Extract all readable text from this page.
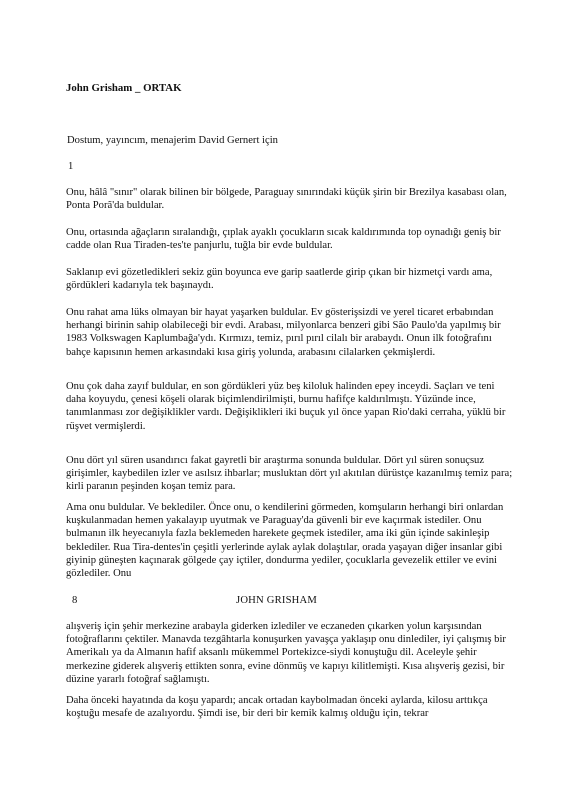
John Grisham _ ORTAK
Dostum, yayıncım, menajerim David Gernert için
1

Onu, hâlâ "sınır" olarak bilinen bir bölgede, Paraguay sınırındaki küçük şirin bir Brezilya kasabası olan, Ponta Porã'da buldular.

Onu, ortasında ağaçların sıralandığı, çıplak ayaklı çocukların sıcak kaldırımında top oynadığı geniş bir cadde olan Rua Tiraden-tes'te panjurlu, tuğla bir evde buldular.

Saklanıp evi gözetledikleri sekiz gün boyunca eve garip saatlerde girip çıkan bir hizmetçi vardı ama, gördükleri kadarıyla tek başınaydı.

Onu rahat ama lüks olmayan bir hayat yaşarken buldular. Ev gösterişsizdi ve yerel ticaret erbabından herhangi birinin sahip olabileceği bir evdi. Arabası, milyonlarca benzeri gibi São Paulo'da yapılmış bir 1983 Volkswagen Kaplumbağa'ydı. Kırmızı, temiz, pırıl pırıl cilalı bir arabaydı. Onun ilk fotoğrafını bahçe kapısının hemen arkasındaki kısa giriş yolunda, arabasını cilalarken çekmişlerdi.

Onu çok daha zayıf buldular, en son gördükleri yüz beş kiloluk halinden epey inceydi. Saçları ve teni daha koyuydu, çenesi köşeli olarak biçimlendirilmişti, burnu hafifçe kaldırılmıştı. Yüzünde ince, tanımlanması zor değişiklikler vardı. Değişiklikleri iki buçuk yıl önce yapan Rio'daki cerraha, yüklü bir rüşvet vermişlerdi.

Onu dört yıl süren usandırıcı fakat gayretli bir araştırma sonunda buldular. Dört yıl süren sonuçsuz girişimler, kaybedilen izler ve asılsız ihbarlar; musluktan dört yıl akıtılan dürüstçe kazanılmış temiz para; kirli paranın peşinden koşan temiz para.

Ama onu buldular. Ve beklediler. Önce onu, o kendilerini görmeden, komşuların herhangi biri onlardan kuşkulanmadan hemen yakalayıp uyutmak ve Paraguay'da güvenli bir eve kaçırmak istediler. Onu bulmanın ilk heyecanıyla fazla beklemeden harekete geçmek istediler, ama iki gün içinde sakinleşip beklediler. Rua Tira-dentes'in çeşitli yerlerinde aylak aylak dolaştılar, orada yaşayan diğer insanlar gibi giyinip güneşten kaçınarak gölgede çay içtiler, dondurma yediler, çocuklarla gevezelik ettiler ve evini gözlediler. Onu

8	JOHN GRISHAM

alışveriş için şehir merkezine arabayla giderken izlediler ve eczaneden çıkarken yolun karşısından fotoğraflarını çektiler. Manavda tezgâhtarla konuşurken yavaşça yaklaşıp onu dinlediler, iyi çalışmış bir Amerikalı ya da Almanın hafif aksanlı mükemmel Portekizce-siydi konuştuğu dil. Aceleyle şehir merkezine giderek alışveriş ettikten sonra, evine dönmüş ve kapıyı kilitlemişti. Kısa alışveriş gezisi, bir düzine yararlı fotoğraf sağlamıştı.

Daha önceki hayatında da koşu yapardı; ancak ortadan kaybolmadan önceki aylarda, kilosu arttıkça koştuğu mesafe de azalıyordu. Şimdi ise, bir deri bir kemik kalmış olduğu için, tekrar
